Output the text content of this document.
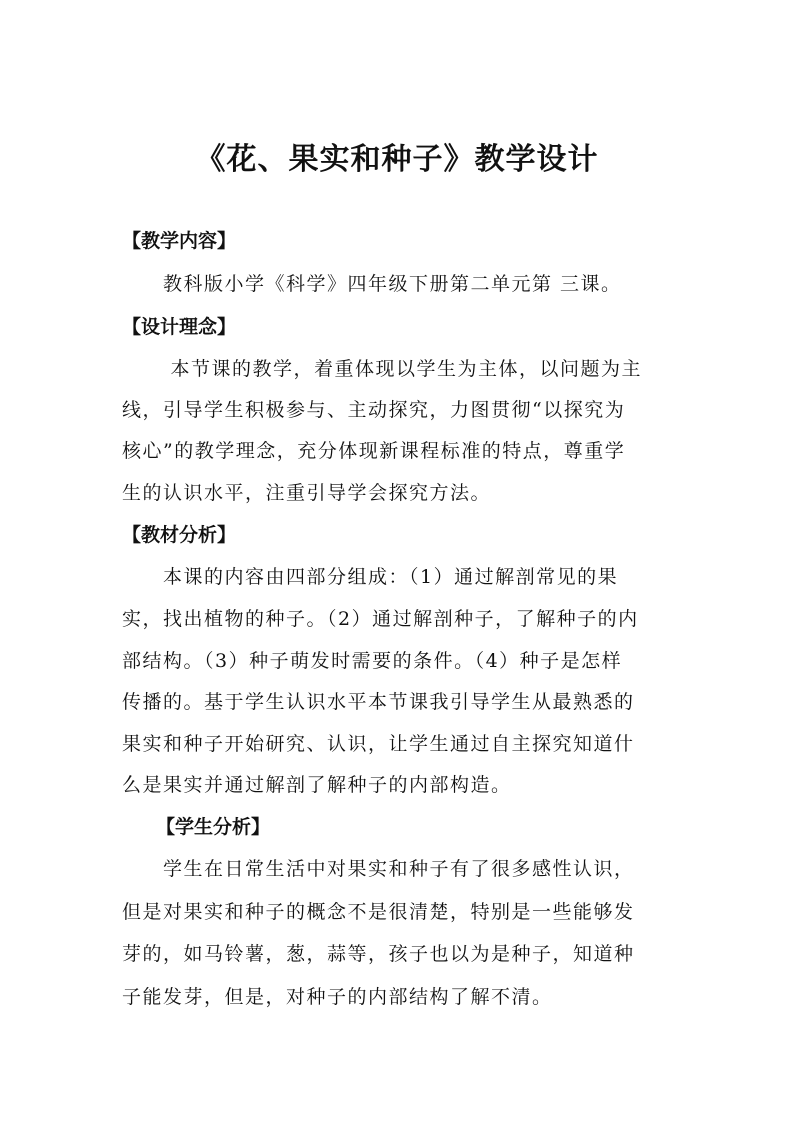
《花、果实和种子》教学设计
【教学内容】
教科版小学《科学》四年级下册第二单元第 三课。
【设计理念】
本节课的教学，着重体现以学生为主体，以问题为主
线，引导学生积极参与、主动探究，力图贯彻“以探究为
核心”的教学理念，充分体现新课程标准的特点，尊重学
生的认识水平，注重引导学会探究方法。
【教材分析】
本课的内容由四部分组成：（1）通过解剖常见的果
实，找出植物的种子。（2）通过解剖种子，了解种子的内
部结构。（3）种子萌发时需要的条件。（4）种子是怎样
传播的。基于学生认识水平本节课我引导学生从最熟悉的
果实和种子开始研究、认识，让学生通过自主探究知道什
么是果实并通过解剖了解种子的内部构造。
【学生分析】
学生在日常生活中对果实和种子有了很多感性认识，
但是对果实和种子的概念不是很清楚，特别是一些能够发
芽的，如马铃薯，葱，蒜等，孩子也以为是种子，知道种
子能发芽，但是，对种子的内部结构了解不清。
